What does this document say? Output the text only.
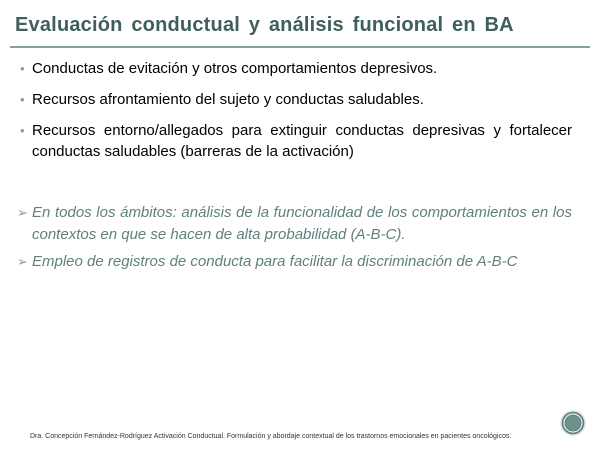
Evaluación conductual y análisis funcional en BA
• Conductas de evitación y otros comportamientos depresivos.
• Recursos afrontamiento del sujeto y conductas saludables.
• Recursos entorno/allegados para extinguir conductas depresivas y fortalecer conductas saludables (barreras de la activación)
➢ En todos los ámbitos: análisis de la funcionalidad de los comportamientos en los contextos en que se hacen de alta probabilidad (A-B-C).
➢ Empleo de registros de conducta para facilitar la discriminación de A-B-C
Dra. Concepción Fernández-Rodríguez Activación Conductual. Formulación y abordaje contextual de los trastornos emocionales en pacientes oncológicos.
